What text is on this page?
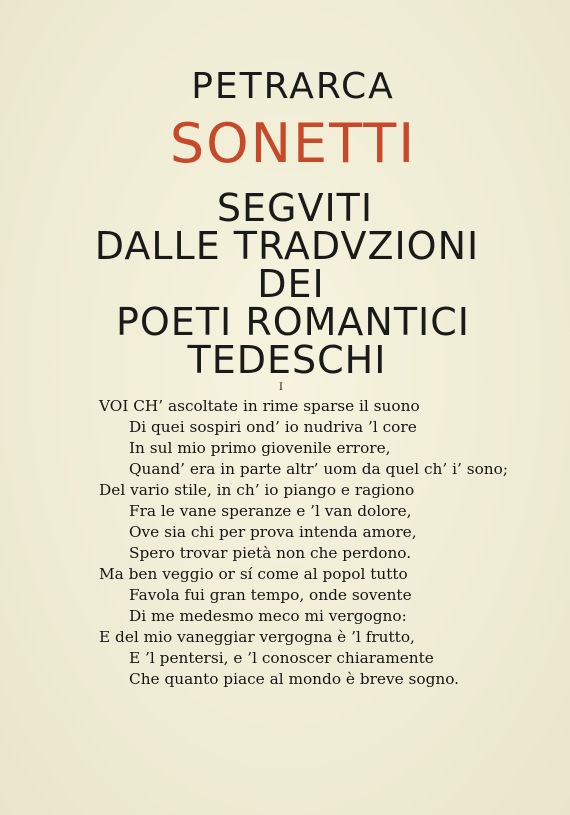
PETRARCA
SONETTI
SEGVITI
DALLE TRADVZIONI
DEI
POETI ROMANTICI
TEDESCHI
I
VOI CH’ ascoltate in rime sparse il suono
Di quei sospiri ond’ io nudriva ’l core
In sul mio primo giovenile errore,
Quand’ era in parte altr’ uom da quel ch’ i’ sono;
Del vario stile, in ch’ io piango e ragiono
Fra le vane speranze e ’l van dolore,
Ove sia chi per prova intenda amore,
Spero trovar pietà non che perdono.
Ma ben veggio or sí come al popol tutto
Favola fui gran tempo, onde sovente
Di me medesmo meco mi vergogno:
E del mio vaneggiar vergogna è ’l frutto,
E ’l pentersi, e ’l conoscer chiaramente
Che quanto piace al mondo è breve sogno.
